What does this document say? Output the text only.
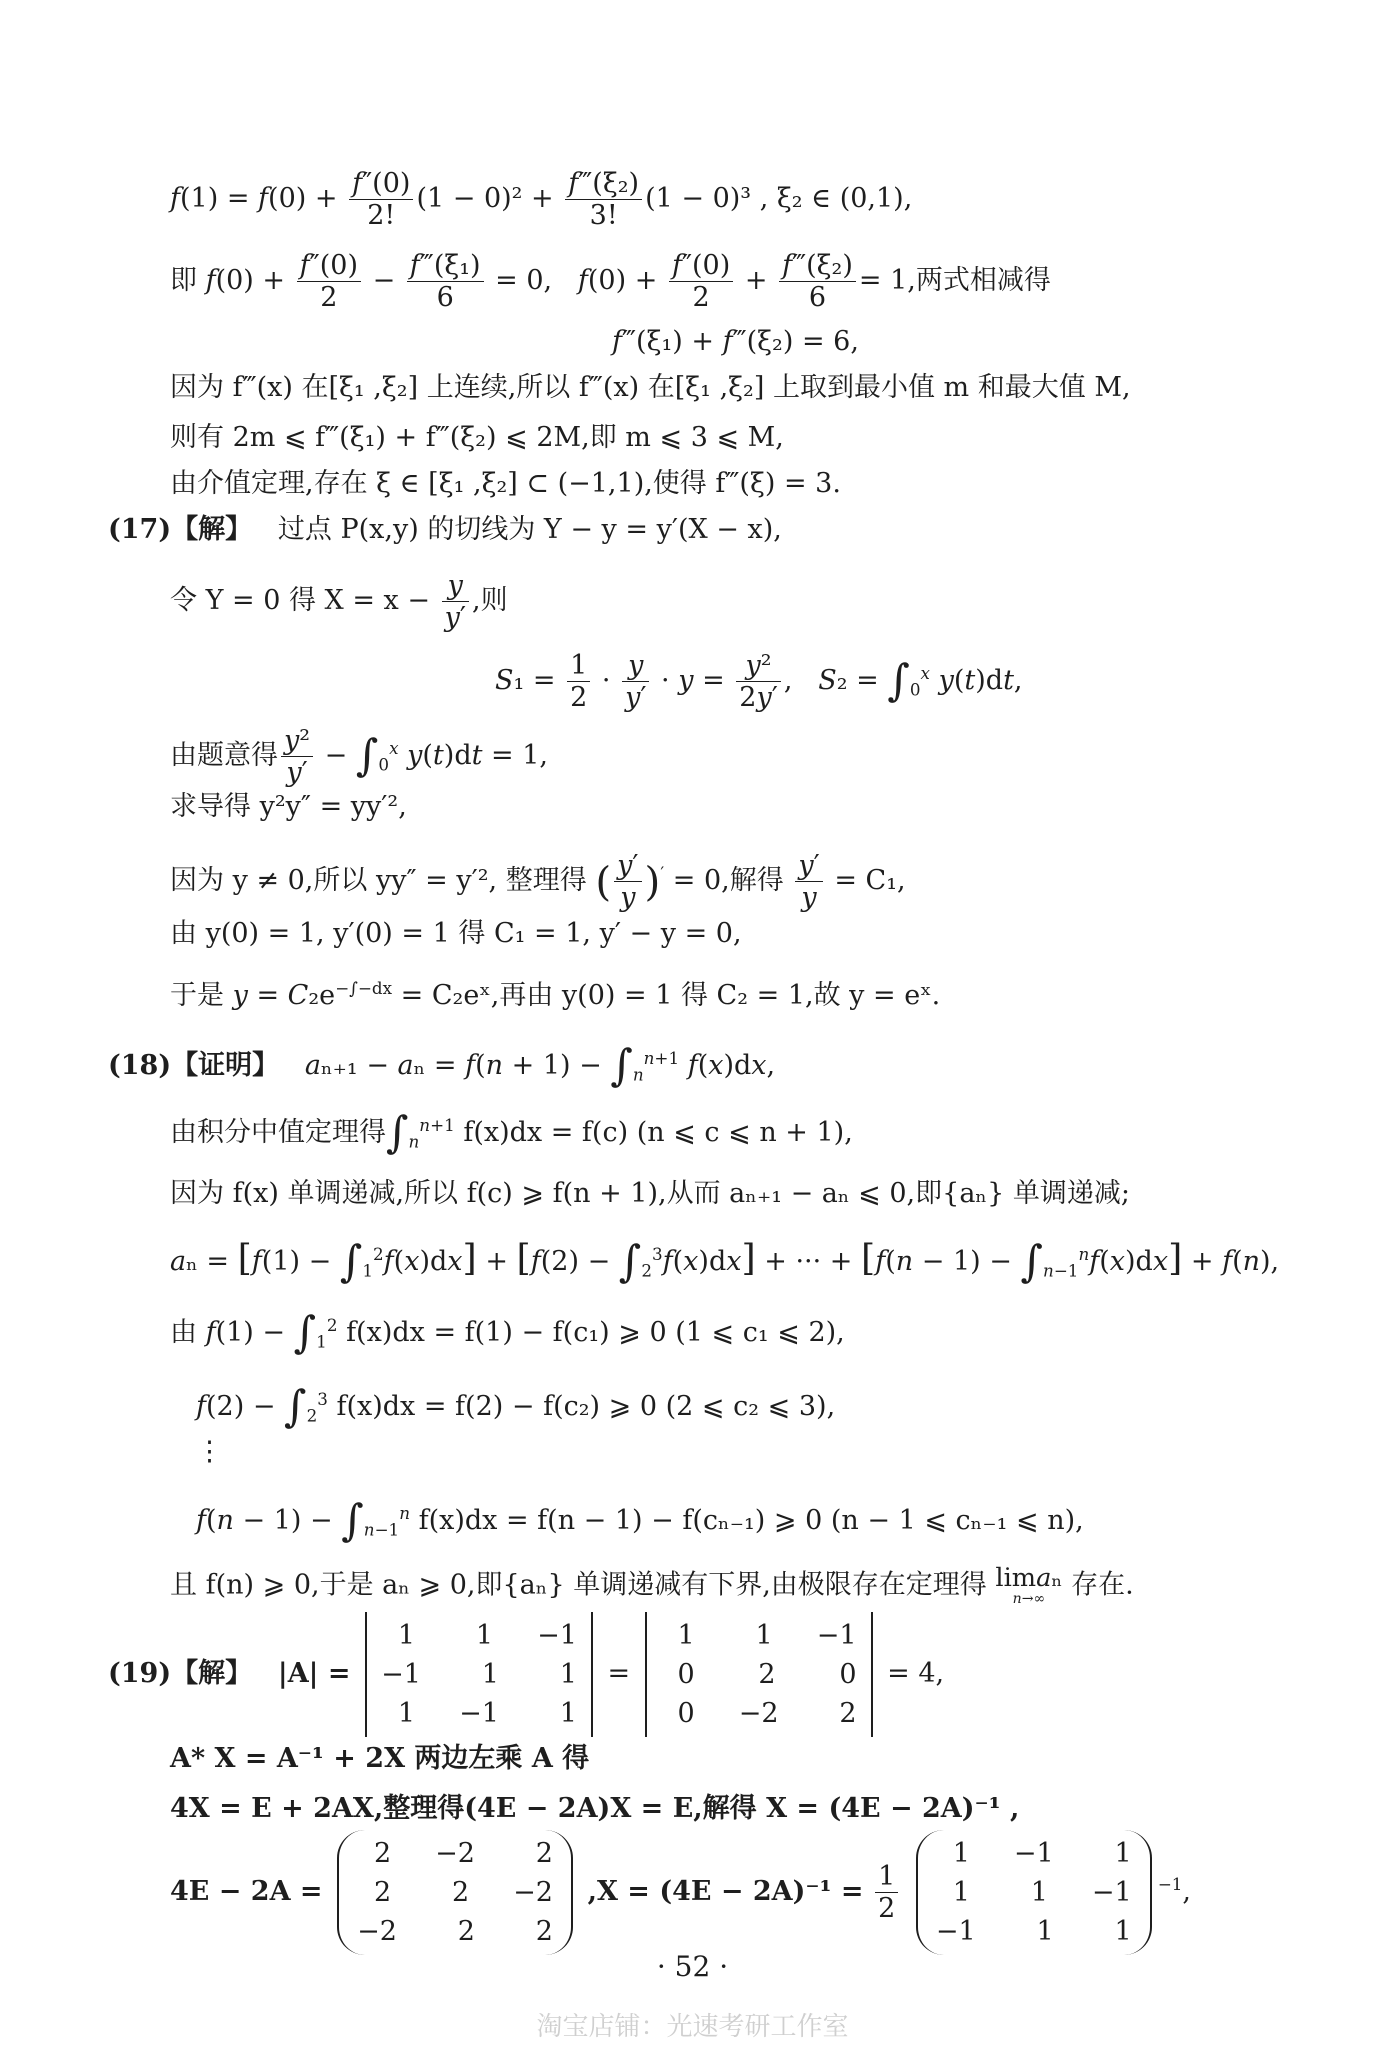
$f(1) = f(0) + \frac{f''(0)}{2!} (1 - 0)^2 + \frac{\text{f‴(ξ₂)}}{3!} (1 - 0)^3$ , ξ₂ ∈ (0,1),
即 $f(0) + \frac{f''(0)}{2} - \frac{\text{f‴(ξ₁)}}{6} = 0$,   $f(0) + \frac{f''(0)}{2} + \frac{\text{f‴(ξ₂)}}{6} = 1$,两式相减得
f‴(ξ₁) + f‴(ξ₂) = 6,
因为 f‴(x) 在[ξ₁ ,ξ₂] 上连续,所以 f‴(x) 在[ξ₁ ,ξ₂] 上取到最小值 m 和最大值 M,
则有 2m ⩽ f‴(ξ₁) + f‴(ξ₂) ⩽ 2M,即 m ⩽ 3 ⩽ M,
由介值定理,存在 ξ ∈ [ξ₁ ,ξ₂] ⊂ (−1,1),使得 f‴(ξ) = 3.
(17)【解】 过点 P(x,y) 的切线为 Y − y = y′(X − x),
令 Y = 0 得 $X = x - \frac{y}{y'}$ ,则
$S_1 = \frac{1}{2} \cdot \frac{y}{y'} \cdot y = \frac{\text{y²}}{2y'}$ ,   $S_2 = \int_0^x$ y(t)dt,
由题意得 $\frac{\text{y²}}{y'} - \int_0^x$ y(t)dt = 1,
求导得 y²y″ = yy′²,
因为 y ≠ 0,所以 yy″ = y′², 整理得 ( $\frac{y'}{y} )' = 0$,解得 $\frac{y'}{y} = C_1$,
由 y(0) = 1, y′(0) = 1 得 C₁ = 1, y′ − y = 0,
于是 $y = C_2e^{-\int-dx}$ = C₂eˣ,再由 y(0) = 1 得 C₂ = 1,故 y = eˣ.
(18)【证明】 $a_{n+1} - a_n = f(n + 1) - \int_n^{n+1}$ f(x)dx,
由积分中值定理得$\int_n^{n+1}$ f(x)dx = f(c) (n ⩽ c ⩽ n + 1),
因为 f(x) 单调递减,所以 f(c) ⩾ f(n + 1),从而 aₙ₊₁ − aₙ ⩽ 0,即{aₙ} 单调递减;
$a_n = [f(1) - \int_1^2f(x)dx] + [f(2) - \int_2^3f(x)dx]$ + ··· + $[f(n - 1) - \int_{n-1}^nf(x)dx] + f(n)$,
由 $f(1) - \int_1^2$ f(x)dx = f(1) − f(c₁) ⩾ 0 (1 ⩽ c₁ ⩽ 2),
$f(2) - \int_2^3$ f(x)dx = f(2) − f(c₂) ⩾ 0 (2 ⩽ c₂ ⩽ 3),
⋮
$f(n - 1) - \int_{n-1}^n$ f(x)dx = f(n − 1) − f(cₙ₋₁) ⩾ 0 (n − 1 ⩽ cₙ₋₁ ⩽ n),
且 f(n) ⩾ 0,于是 aₙ ⩾ 0,即{aₙ} 单调递减有下界,由极限存在定理得 limaₙ
n→∞ 存在.
(19)【解】 |A| =
1	1 −1
−1	1	1
1 −1	1
=
1	1 −1
0	2	0
0 −2	2
= 4,
A* X = A⁻¹ + 2X 两边左乘 A 得
4X = E + 2AX,整理得(4E − 2A)X = E,解得 X = (4E − 2A)⁻¹ ,
4E − 2A =
2 −2	2
2	2 −2
−2	2	2
$,X = (4E - 2A)^{-1} = \frac{1}{2}$

1 −1	1
1	1 −1
−1	1	1
$^{-1}$,
· 52 ·
淘宝店铺：光速考研工作室
